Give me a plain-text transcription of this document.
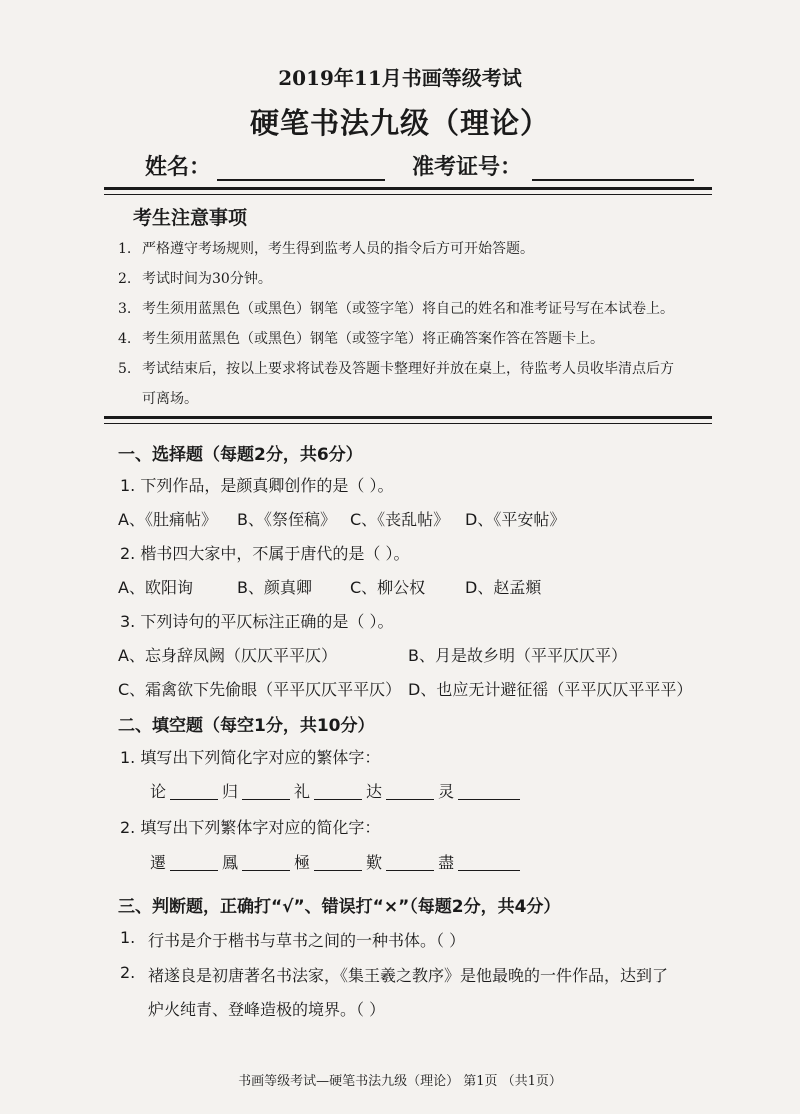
2019年11月书画等级考试
硬笔书法九级（理论）
姓名：	准考证号：
考生注意事项
1. 严格遵守考场规则，考生得到监考人员的指令后方可开始答题。
2. 考试时间为30分钟。
3. 考生须用蓝黑色（或黑色）钢笔（或签字笔）将自己的姓名和准考证号写在本试卷上。
4. 考生须用蓝黑色（或黑色）钢笔（或签字笔）将正确答案作答在答题卡上。
5. 考试结束后，按以上要求将试卷及答题卡整理好并放在桌上，待监考人员收毕清点后方
可离场。
一、选择题（每题2分，共6分）
1. 下列作品，是颜真卿创作的是（ ）。
A、《肚痛帖》 B、《祭侄稿》 C、《丧乱帖》 D、《平安帖》
2. 楷书四大家中，不属于唐代的是（ ）。
A、欧阳询	B、颜真卿 C、柳公权 D、赵孟頫
3. 下列诗句的平仄标注正确的是（ ）。
A、忘身辞凤阙（仄仄平平仄）	B、月是故乡明（平平仄仄平）
C、霜禽欲下先偷眼（平平仄仄平平仄） D、也应无计避征徭（平平仄仄平平平）
二、填空题（每空1分，共10分）
1. 填写出下列简化字对应的繁体字：
论	归	礼	达	灵
2. 填写出下列繁体字对应的简化字：
遷	鳳	極	歎	盡
三、判断题，正确打“√”、错误打“×”（每题2分，共4分）
1. 行书是介于楷书与草书之间的一种书体。（ ）
2. 褚遂良是初唐著名书法家，《集王羲之教序》是他最晚的一件作品，达到了
炉火纯青、登峰造极的境界。（ ）
书画等级考试—硬笔书法九级（理论） 第1页 （共1页）
